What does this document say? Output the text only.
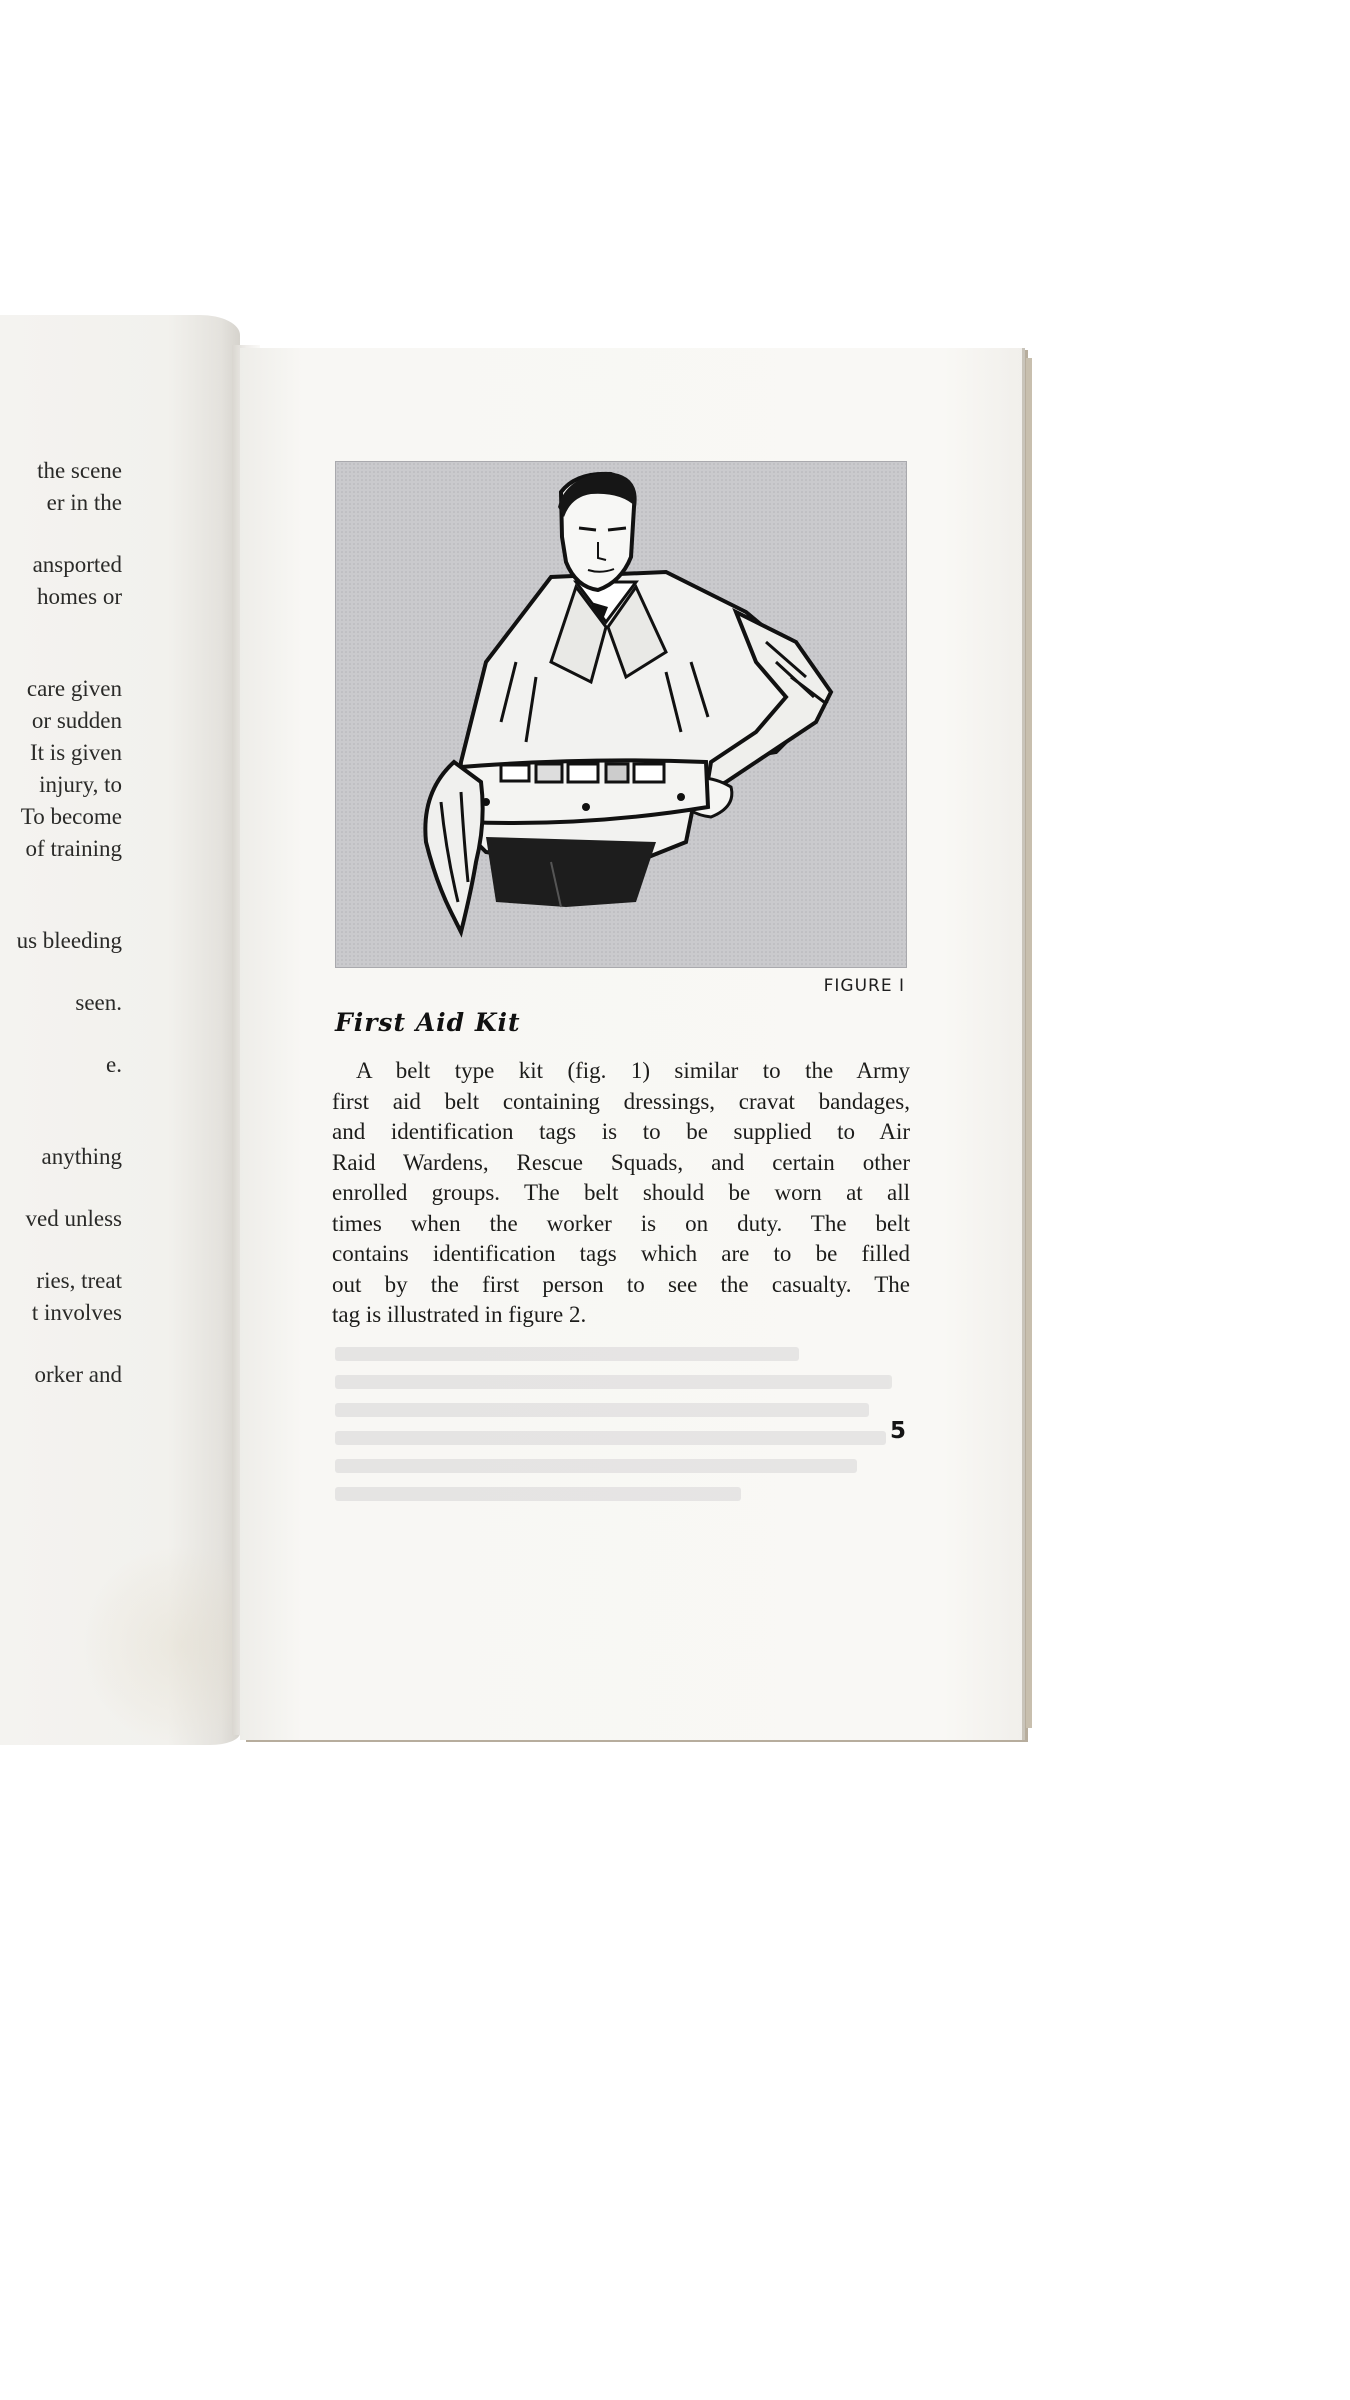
the scene
er in the
ansported
homes or
care given
or sudden
It is given
injury, to
To become
of training
us bleeding
seen.
e.
anything
ved unless
ries, treat
t involves
orker and
FIGURE I
First Aid Kit
A belt type kit (fig. 1) similar to the Army
first aid belt containing dressings, cravat bandages,
and identification tags is to be supplied to Air
Raid Wardens, Rescue Squads, and certain other
enrolled groups. The belt should be worn at all
times when the worker is on duty. The belt
contains identification tags which are to be filled
out by the first person to see the casualty. The
tag is illustrated in figure 2.
5
